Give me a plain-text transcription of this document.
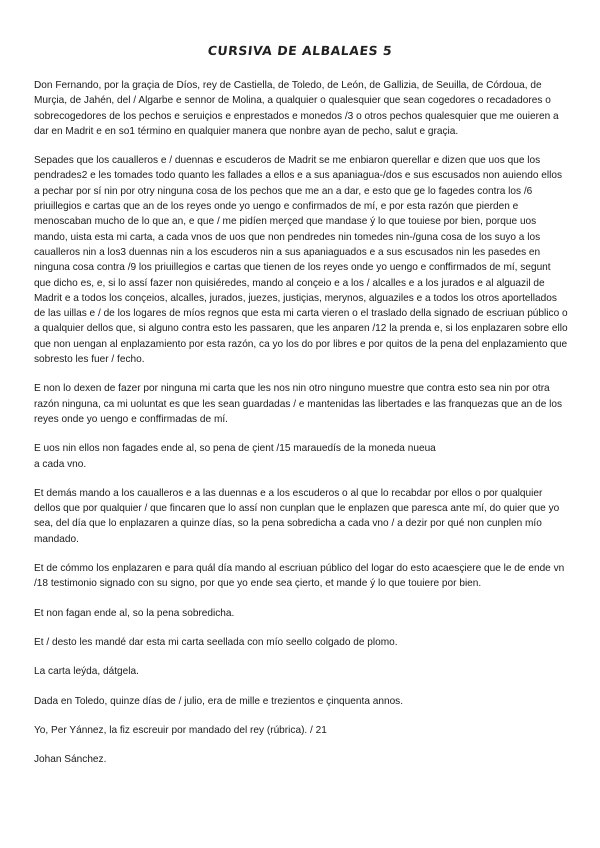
CURSIVA DE ALBALAES 5

Don Fernando, por la graçia de Díos, rey de Castiella, de Toledo, de León, de Gallizia, de Seuilla, de Córdoua, de Murçia, de Jahén, del / Algarbe e sennor de Molina, a qualquier o qualesquier que sean cogedores o recadadores o sobrecogedores de los pechos e seruiçios e enprestados e monedos /3 o otros pechos qualesquier que me ouieren a dar en Madrit e en so1 término en qualquier manera que nonbre ayan de pecho, salut e graçia.

Sepades que los caualleros e / duennas e escuderos de Madrit se me enbiaron querellar e dizen que uos que los pendrades2 e les tomades todo quanto les fallades a ellos e a sus apaniagua-/dos e sus escusados non auiendo ellos a pechar por sí nin por otry ninguna cosa de los pechos que me an a dar, e esto que ge lo fagedes contra los /6 priuillegios e cartas que an de los reyes onde yo uengo e confirmados de mí, e por esta razón que pierden e menoscaban mucho de lo que an, e que / me pidíen merçed que mandase ý lo que touiese por bien, porque uos mando, uista esta mi carta, a cada vnos de uos que non pendredes nin tomedes nin-/guna cosa de los suyo a los caualleros nin a los3 duennas nin a los escuderos nin a sus apaniaguados e a sus escusados nin les pasedes en ninguna cosa contra /9 los priuillegios e cartas que tienen de los reyes onde yo uengo e conffirmados de mí, segunt que dicho es, e, si lo assí fazer non quisiéredes, mando al conçeio e a los / alcalles e a los jurados e al alguazil de Madrit e a todos los conçeios, alcalles, jurados, juezes, justiçias, merynos, alguaziles e a todos los otros aportellados de las uillas e / de los logares de míos regnos que esta mi carta vieren o el traslado della signado de escriuan público o a qualquier dellos que, si alguno contra esto les passaren, que les anparen /12 la prenda e, si los enplazaren sobre ello que non uengan al enplazamiento por esta razón, ca yo los do por libres e por quitos de la pena del enplazamiento que sobresto les fuer / fecho.

E non lo dexen de fazer por ninguna mi carta que les nos nin otro ninguno muestre que contra esto sea nin por otra razón ninguna, ca mi uoluntat es que les sean guardadas / e mantenidas las libertades e las franquezas que an de los reyes onde yo uengo e conffirmadas de mí.

E uos nin ellos non fagades ende al, so pena de çient /15 marauedís de la moneda nueua
a cada vno.

Et demás mando a los caualleros e a las duennas e a los escuderos o al que lo recabdar por ellos o por qualquier dellos que por qualquier / que fincaren que lo assí non cunplan que le enplazen que paresca ante mí, do quier que yo sea, del día que lo enplazaren a quinze días, so la pena sobredicha a cada vno / a dezir por qué non cunplen mío mandado.

Et de cómmo los enplazaren e para quál día mando al escriuan público del logar do esto acaesçiere que le de ende vn /18 testimonio signado con su signo, por que yo ende sea çierto, et mande ý lo que touiere por bien.

Et non fagan ende al, so la pena sobredicha.

Et / desto les mandé dar esta mi carta seellada con mío seello colgado de plomo.

La carta leýda, dátgela.

Dada en Toledo, quinze días de / julio, era de mille e trezientos e çinquenta annos.

Yo, Per Yánnez, la fiz escreuir por mandado del rey (rúbrica). / 21

Johan Sánchez.
